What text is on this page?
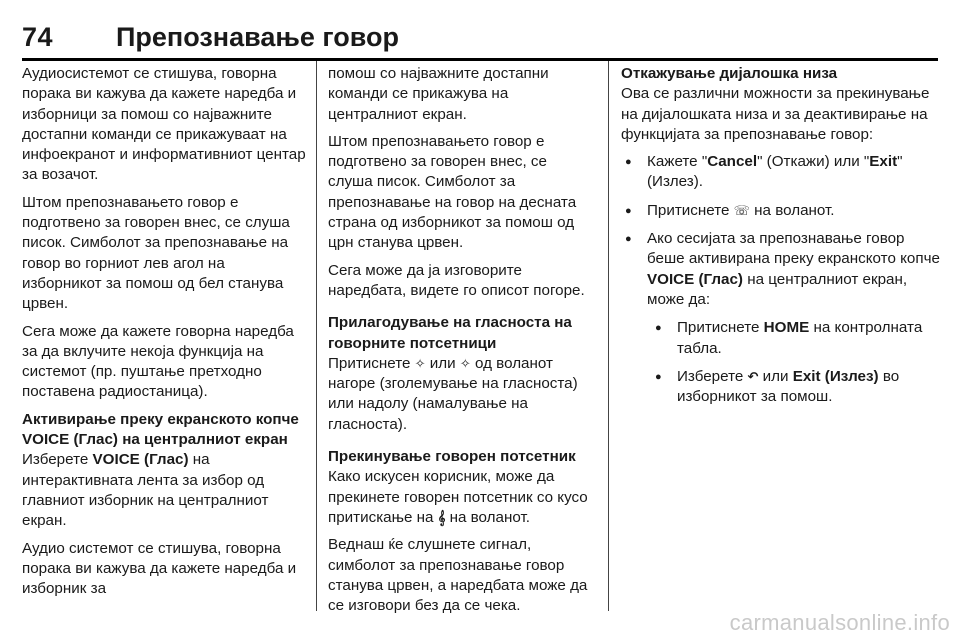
74 Препознавање говор

Аудиосистемот се стишува, говорна порака ви кажува да кажете наредба и изборници за помош со најважните достапни команди се прикажуваат на инфоекранот и информативниот центар за возачот.

Штом препознавањето говор е подготвено за говорен внес, се слуша писок. Симболот за препознавање на говор во горниот лев агол на изборникот за помош од бел станува црвен.

Сега може да кажете говорна наредба за да вклучите некоја функција на системот (пр. пуштање претходно поставена радиостаница).

Активирање преку екранското копче VOICE (Глас) на централниот екран

Изберете VOICE (Глас) на интерактивната лента за избор од главниот изборник на централниот екран.

Аудио системот се стишува, говорна порака ви кажува да кажете наредба и изборник за

помош со најважните достапни команди се прикажува на централниот екран.

Штом препознавањето говор е подготвено за говорен внес, се слуша писок. Симболот за препознавање на говор на десната страна од изборникот за помош од црн станува црвен.

Сега може да ја изговорите наредбата, видете го описот погоре.

Прилагодување на гласноста на говорните потсетници

Притиснете ✧ или ✧ од воланот нагоре (зголемување на гласноста) или надолу (намалување на гласноста).

Прекинување говорен потсетник

Како искусен корисник, може да прекинете говорен потсетник со кусо притискање на 𝄞 на воланот.

Веднаш ќе слушнете сигнал, симболот за препознавање говор станува црвен, а наредбата може да се изговори без да се чека.

Откажување дијалошка низа

Ова се различни можности за прекинување на дијалошката низа и за деактивирање на функцијата за препознавање говор:

● Кажете "Cancel" (Откажи) или "Exit" (Излез).
● Притиснете ☏ на воланот.
● Ако сесијата за препознавање говор беше активирана преку екранското копче VOICE (Глас) на централниот екран, може да:
● Притиснете HOME на контролната табла.
● Изберете ↶ или Exit (Излез) во изборникот за помош.
carmanualsonline.info
